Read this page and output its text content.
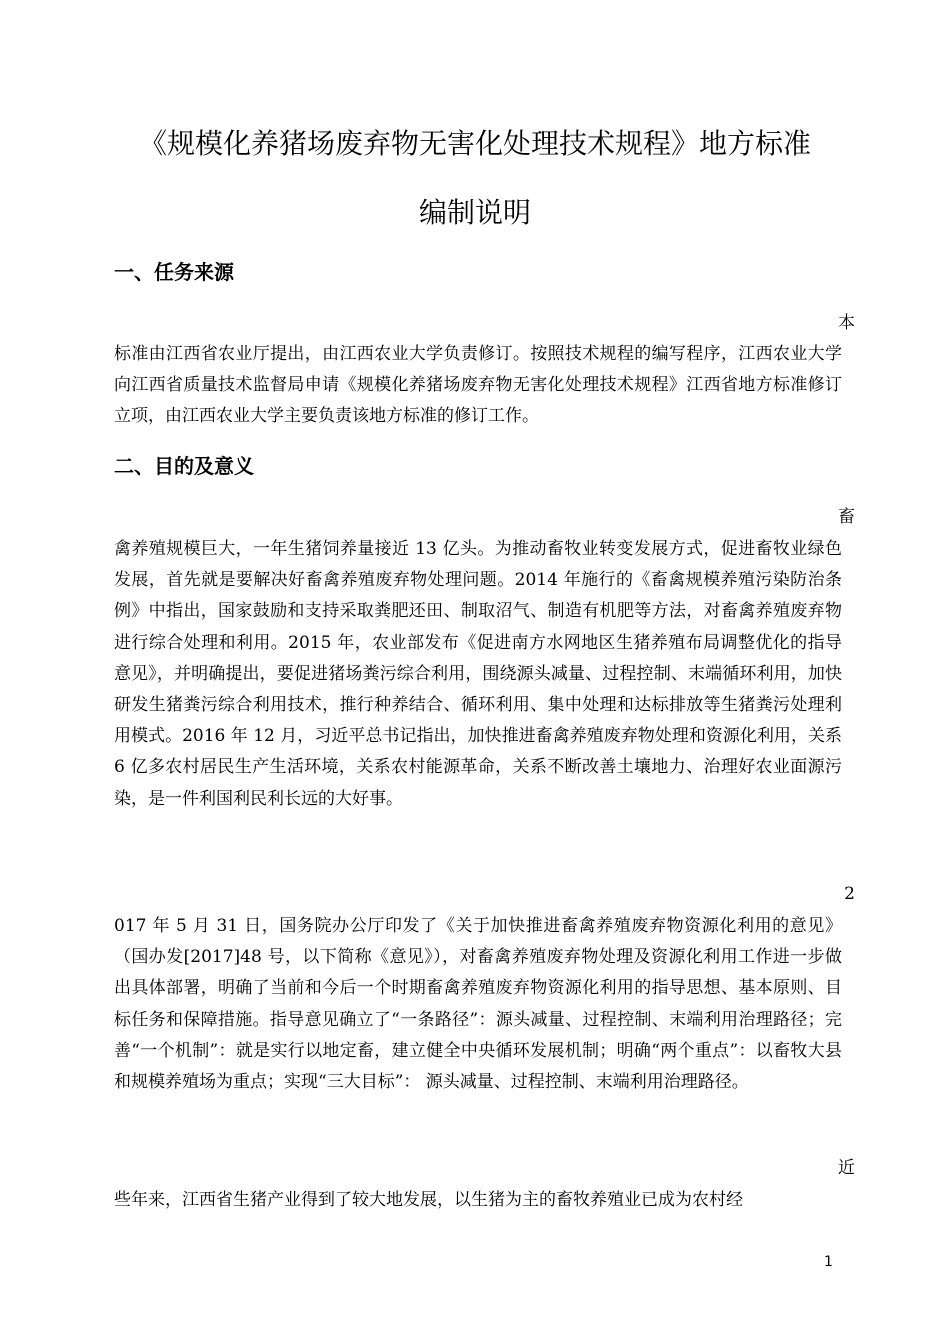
《规模化养猪场废弃物无害化处理技术规程》地方标准
编制说明
一、任务来源
本
标准由江西省农业厅提出，由江西农业大学负责修订。按照技术规程的编写程序，江西农业大学向江西省质量技术监督局申请《规模化养猪场废弃物无害化处理技术规程》江西省地方标准修订立项，由江西农业大学主要负责该地方标准的修订工作。
二、目的及意义
畜
禽养殖规模巨大，一年生猪饲养量接近 13 亿头。为推动畜牧业转变发展方式，促进畜牧业绿色发展，首先就是要解决好畜禽养殖废弃物处理问题。2014 年施行的《畜禽规模养殖污染防治条例》中指出，国家鼓励和支持采取粪肥还田、制取沼气、制造有机肥等方法，对畜禽养殖废弃物进行综合处理和利用。2015 年，农业部发布《促进南方水网地区生猪养殖布局调整优化的指导意见》，并明确提出，要促进猪场粪污综合利用，围绕源头减量、过程控制、末端循环利用，加快研发生猪粪污综合利用技术，推行种养结合、循环利用、集中处理和达标排放等生猪粪污处理利用模式。2016 年 12 月，习近平总书记指出，加快推进畜禽养殖废弃物处理和资源化利用，关系 6 亿多农村居民生产生活环境，关系农村能源革命，关系不断改善土壤地力、治理好农业面源污染，是一件利国利民利长远的大好事。
2
017 年 5 月 31 日，国务院办公厅印发了《关于加快推进畜禽养殖废弃物资源化利用的意见》（国办发[2017]48 号，以下简称《意见》），对畜禽养殖废弃物处理及资源化利用工作进一步做出具体部署，明确了当前和今后一个时期畜禽养殖废弃物资源化利用的指导思想、基本原则、目标任务和保障措施。指导意见确立了“一条路径”：源头减量、过程控制、末端利用治理路径；完善“一个机制”：就是实行以地定畜，建立健全中央循环发展机制；明确“两个重点”：以畜牧大县和规模养殖场为重点；实现“三大目标”： 源头减量、过程控制、末端利用治理路径。
近
些年来，江西省生猪产业得到了较大地发展，以生猪为主的畜牧养殖业已成为农村经
1
